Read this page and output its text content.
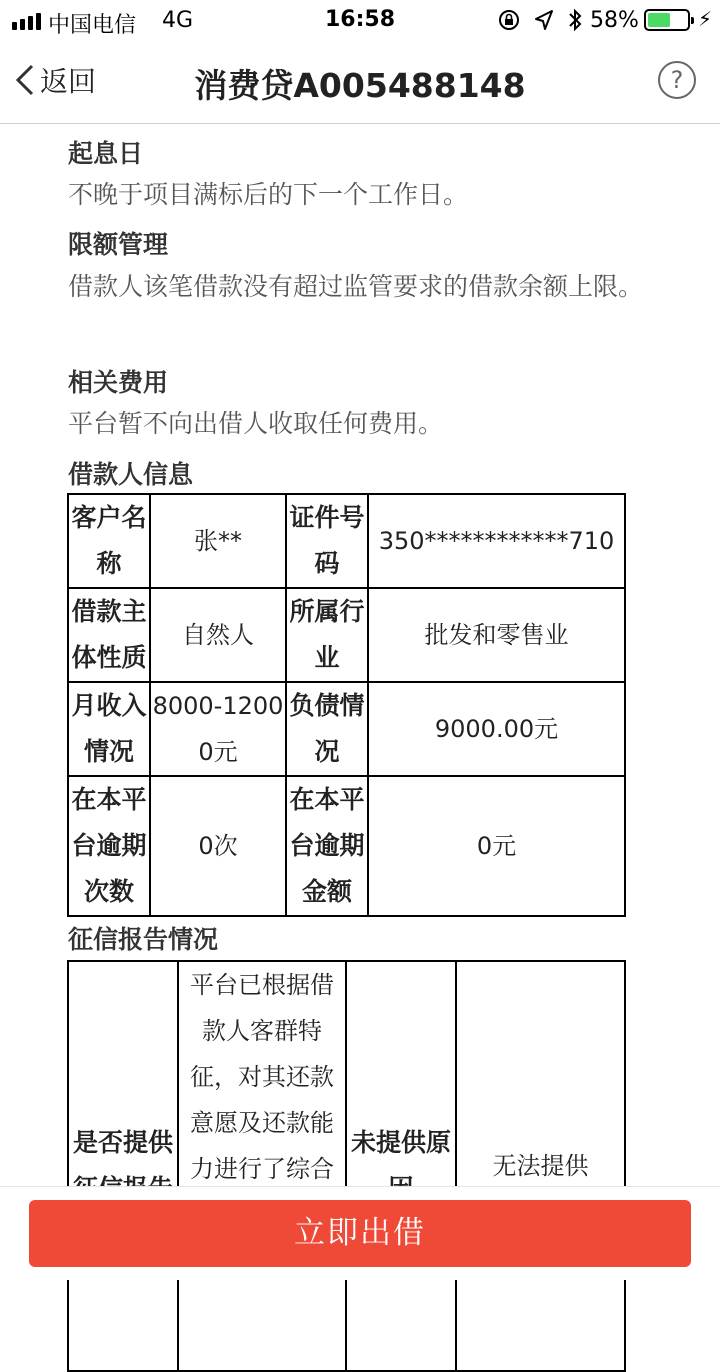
中国电信 4G	16:58	58%	⚡
返回	消费贷A005488148	?
起息日
不晚于项目满标后的下一个工作日。
限额管理
借款人该笔借款没有超过监管要求的借款余额上限。
相关费用
平台暂不向出借人收取任何费用。
借款人信息
客户名称	张**	证件号码	350************710
借款主体性质	自然人	所属行业	批发和零售业
月收入情况	8000-12000元	负债情况	9000.00元
在本平台逾期次数	0次	在本平台逾期金额	0元
征信报告情况
是否提供	平台已根据借款人客群特征，对其还款意愿及还款能力进行了综合	未提供原	无法提供
立即出借
